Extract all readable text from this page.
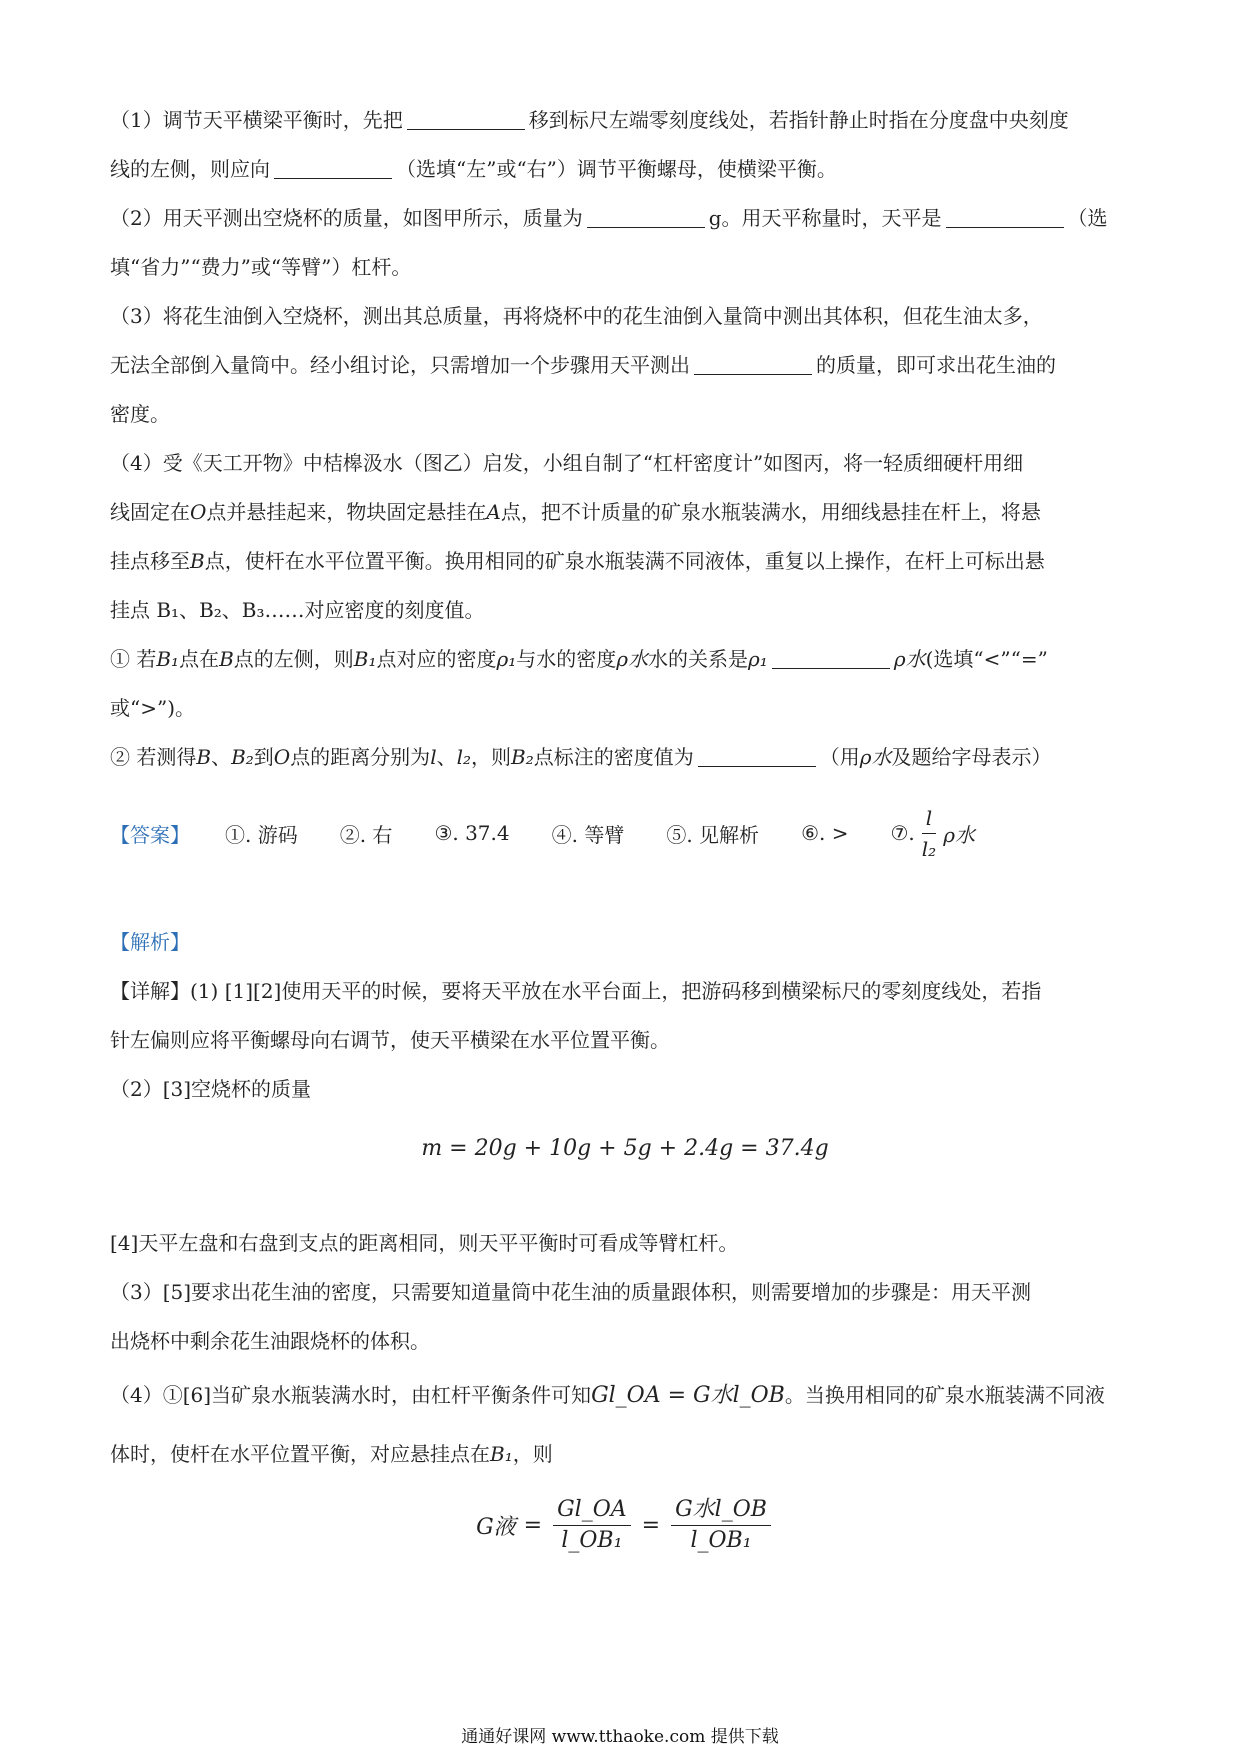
（1）调节天平横梁平衡时，先把	移到标尺左端零刻度线处，若指针静止时指在分度盘中央刻度
线的左侧，则应向	（选填“左”或“右”）调节平衡螺母，使横梁平衡。

（2）用天平测出空烧杯的质量，如图甲所示，质量为	g。用天平称量时，天平是	（选
填“省力”“费力”或“等臂”）杠杆。

（3）将花生油倒入空烧杯，测出其总质量，再将烧杯中的花生油倒入量筒中测出其体积，但花生油太多，
无法全部倒入量筒中。经小组讨论，只需增加一个步骤用天平测出	的质量，即可求出花生油的
密度。

（4）受《天工开物》中桔槔汲水（图乙）启发，小组自制了“杠杆密度计”如图丙，将一轻质细硬杆用细
线固定在O点并悬挂起来，物块固定悬挂在A点，把不计质量的矿泉水瓶装满水，用细线悬挂在杆上，将悬
挂点移至B点，使杆在水平位置平衡。换用相同的矿泉水瓶装满不同液体，重复以上操作，在杆上可标出悬
挂点 B₁、B₂、B₃……对应密度的刻度值。

① 若B₁点在B点的左侧，则B₁点对应的密度ρ₁与水的密度ρ水水的关系是ρ₁	ρ水(选填“<”“=”
或“>”)。

② 若测得B、B₂到O点的距离分别为l、l₂，则B₂点标注的密度值为	（用ρ水及题给字母表示）

【答案】	①. 游码 ②. 右 ③. 37.4 ④. 等臂 ⑤. 见解析 ⑥. > ⑦. $\frac{l}{\text{l₂}}$ ρ水

【解析】

【详解】(1) [1][2]使用天平的时候，要将天平放在水平台面上，把游码移到横梁标尺的零刻度线处，若指
针左偏则应将平衡螺母向右调节，使天平横梁在水平位置平衡。

（2）[3]空烧杯的质量

m = 20g + 10g + 5g + 2.4g = 37.4g

[4]天平左盘和右盘到支点的距离相同，则天平平衡时可看成等臂杠杆。

（3）[5]要求出花生油的密度，只需要知道量筒中花生油的质量跟体积，则需要增加的步骤是：用天平测
出烧杯中剩余花生油跟烧杯的体积。

（4）①[6]当矿泉水瓶装满水时，由杠杆平衡条件可知Gl_OA = G水l_OB。当换用相同的矿泉水瓶装满不同液
体时，使杆在水平位置平衡，对应悬挂点在B₁，则

G液 = $\frac{Gl\_OA}{\text{l\_OB₁}} = \frac{\text{G水l\_OB}}{\text{l\_OB₁}}$
通通好课网 www.tthaoke.com 提供下载
